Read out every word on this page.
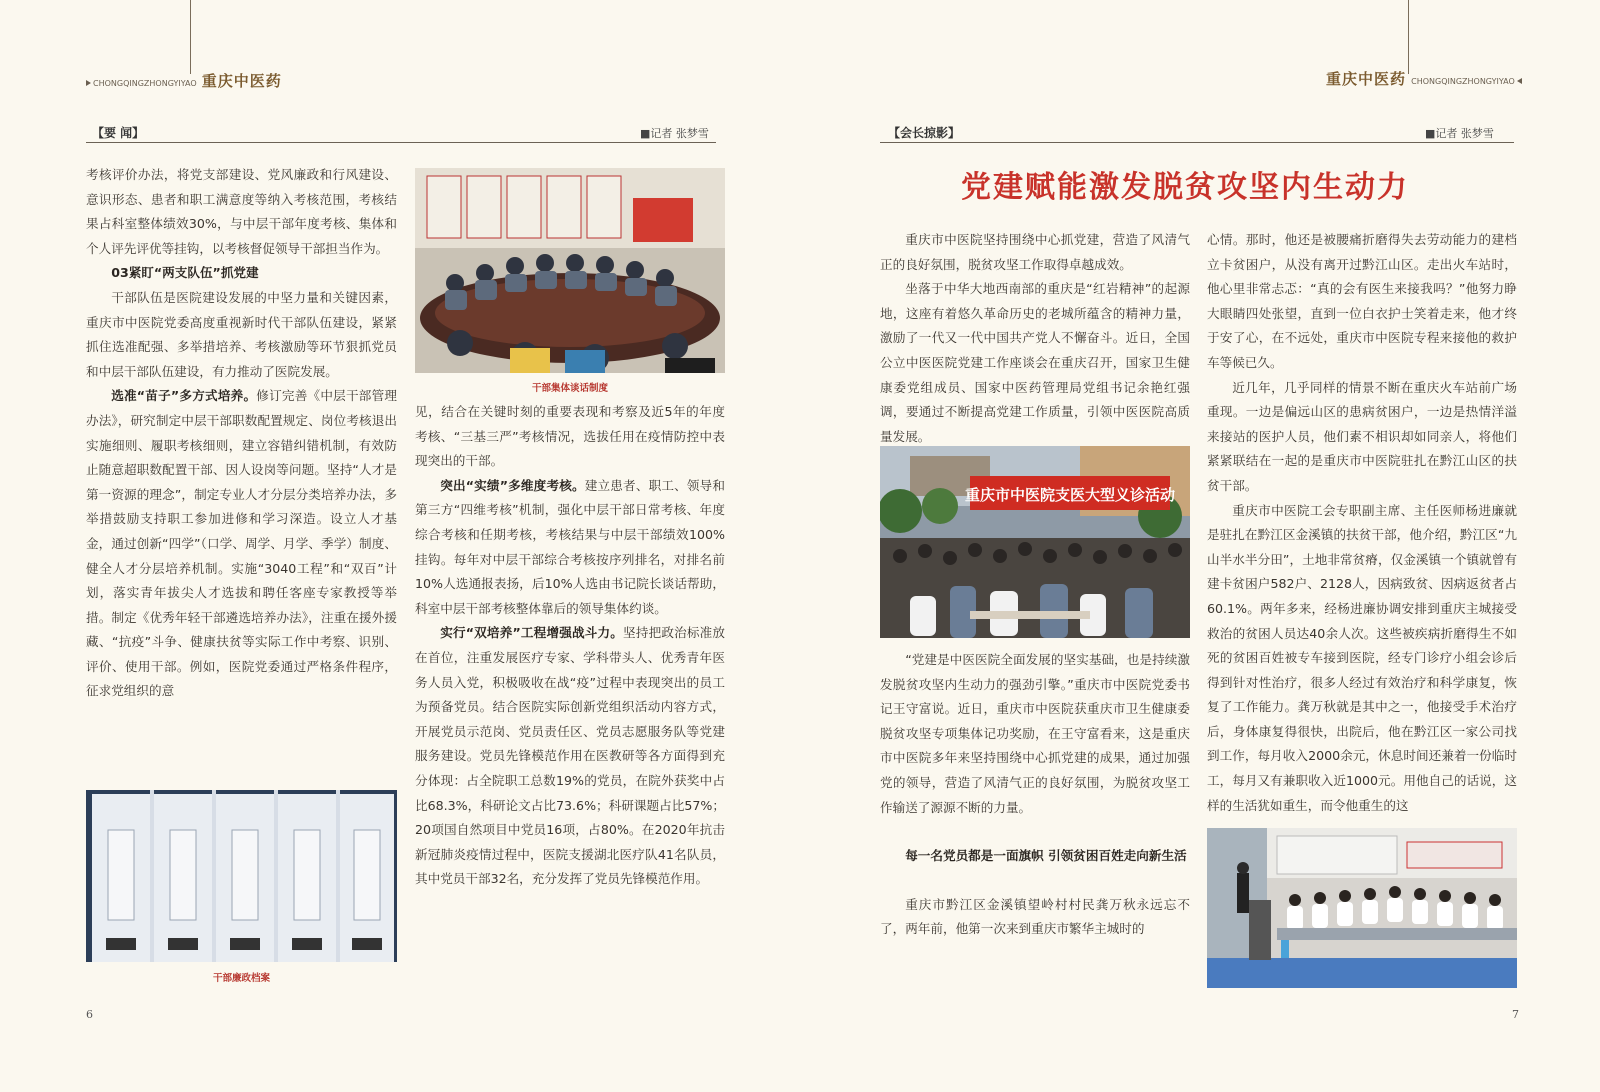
CHONGQINGZHONGYIYAO 重庆中医药
【要 闻】	■记者 张梦雪

考核评价办法，将党支部建设、党风廉政和行风建设、意识形态、患者和职工满意度等纳入考核范围，考核结果占科室整体绩效30%，与中层干部年度考核、集体和个人评先评优等挂钩，以考核督促领导干部担当作为。

03紧盯“两支队伍”抓党建

干部队伍是医院建设发展的中坚力量和关键因素，重庆市中医院党委高度重视新时代干部队伍建设，紧紧抓住选准配强、多举措培养、考核激励等环节狠抓党员和中层干部队伍建设，有力推动了医院发展。

选准“苗子”多方式培养。修订完善《中层干部管理办法》，研究制定中层干部职数配置规定、岗位考核退出实施细则、履职考核细则，建立容错纠错机制，有效防止随意超职数配置干部、因人设岗等问题。坚持“人才是第一资源的理念”，制定专业人才分层分类培养办法，多举措鼓励支持职工参加进修和学习深造。设立人才基金，通过创新“四学”（口学、周学、月学、季学）制度、健全人才分层培养机制。实施“3040工程”和“双百”计划，落实青年拔尖人才选拔和聘任客座专家教授等举措。制定《优秀年轻干部遴选培养办法》，注重在援外援藏、“抗疫”斗争、健康扶贫等实际工作中考察、识别、评价、使用干部。例如，医院党委通过严格条件程序，征求党组织的意

干部集体谈话制度

见，结合在关键时刻的重要表现和考察及近5年的年度考核、“三基三严”考核情况，选拔任用在疫情防控中表现突出的干部。

突出“实绩”多维度考核。建立患者、职工、领导和第三方“四维考核”机制，强化中层干部日常考核、年度综合考核和任期考核，考核结果与中层干部绩效100%挂钩。每年对中层干部综合考核按序列排名，对排名前10%人选通报表扬，后10%人选由书记院长谈话帮助，科室中层干部考核整体靠后的领导集体约谈。

实行“双培养”工程增强战斗力。坚持把政治标准放在首位，注重发展医疗专家、学科带头人、优秀青年医务人员入党，积极吸收在战“疫”过程中表现突出的员工为预备党员。结合医院实际创新党组织活动内容方式，开展党员示范岗、党员责任区、党员志愿服务队等党建服务建设。党员先锋模范作用在医教研等各方面得到充分体现：占全院职工总数19%的党员，在院外获奖中占比68.3%，科研论文占比73.6%；科研课题占比57%；20项国自然项目中党员16项，占80%。在2020年抗击新冠肺炎疫情过程中，医院支援湖北医疗队41名队员，其中党员干部32名，充分发挥了党员先锋模范作用。

干部廉政档案
6
重庆中医药 CHONGQINGZHONGYIYAO
【会长掠影】	■记者 张梦雪
党建赋能激发脱贫攻坚内生动力

重庆市中医院坚持围绕中心抓党建，营造了风清气正的良好氛围，脱贫攻坚工作取得卓越成效。

坐落于中华大地西南部的重庆是“红岩精神”的起源地，这座有着悠久革命历史的老城所蕴含的精神力量，激励了一代又一代中国共产党人不懈奋斗。近日，全国公立中医医院党建工作座谈会在重庆召开，国家卫生健康委党组成员、国家中医药管理局党组书记余艳红强调，要通过不断提高党建工作质量，引领中医医院高质量发展。

重庆市中医院支医大型义诊活动

“党建是中医医院全面发展的坚实基础，也是持续激发脱贫攻坚内生动力的强劲引擎。”重庆市中医院党委书记王守富说。近日，重庆市中医院获重庆市卫生健康委脱贫攻坚专项集体记功奖励，在王守富看来，这是重庆市中医院多年来坚持围绕中心抓党建的成果，通过加强党的领导，营造了风清气正的良好氛围，为脱贫攻坚工作输送了源源不断的力量。

每一名党员都是一面旗帜 引领贫困百姓走向新生活

重庆市黔江区金溪镇望岭村村民龚万秋永远忘不了，两年前，他第一次来到重庆市繁华主城时的

心情。那时，他还是被腰痛折磨得失去劳动能力的建档立卡贫困户，从没有离开过黔江山区。走出火车站时，他心里非常忐忑：“真的会有医生来接我吗？”他努力睁大眼睛四处张望，直到一位白衣护士笑着走来，他才终于安了心，在不远处，重庆市中医院专程来接他的救护车等候已久。

近几年，几乎同样的情景不断在重庆火车站前广场重现。一边是偏远山区的患病贫困户，一边是热情洋溢来接站的医护人员，他们素不相识却如同亲人，将他们紧紧联结在一起的是重庆市中医院驻扎在黔江山区的扶贫干部。

重庆市中医院工会专职副主席、主任医师杨进廉就是驻扎在黔江区金溪镇的扶贫干部，他介绍，黔江区“九山半水半分田”，土地非常贫瘠，仅金溪镇一个镇就曾有建卡贫困户582户、2128人，因病致贫、因病返贫者占60.1%。两年多来，经杨进廉协调安排到重庆主城接受救治的贫困人员达40余人次。这些被疾病折磨得生不如死的贫困百姓被专车接到医院，经专门诊疗小组会诊后得到针对性治疗，很多人经过有效治疗和科学康复，恢复了工作能力。龚万秋就是其中之一，他接受手术治疗后，身体康复得很快，出院后，他在黔江区一家公司找到工作，每月收入2000余元，休息时间还兼着一份临时工，每月又有兼职收入近1000元。用他自己的话说，这样的生活犹如重生，而令他重生的这

7
